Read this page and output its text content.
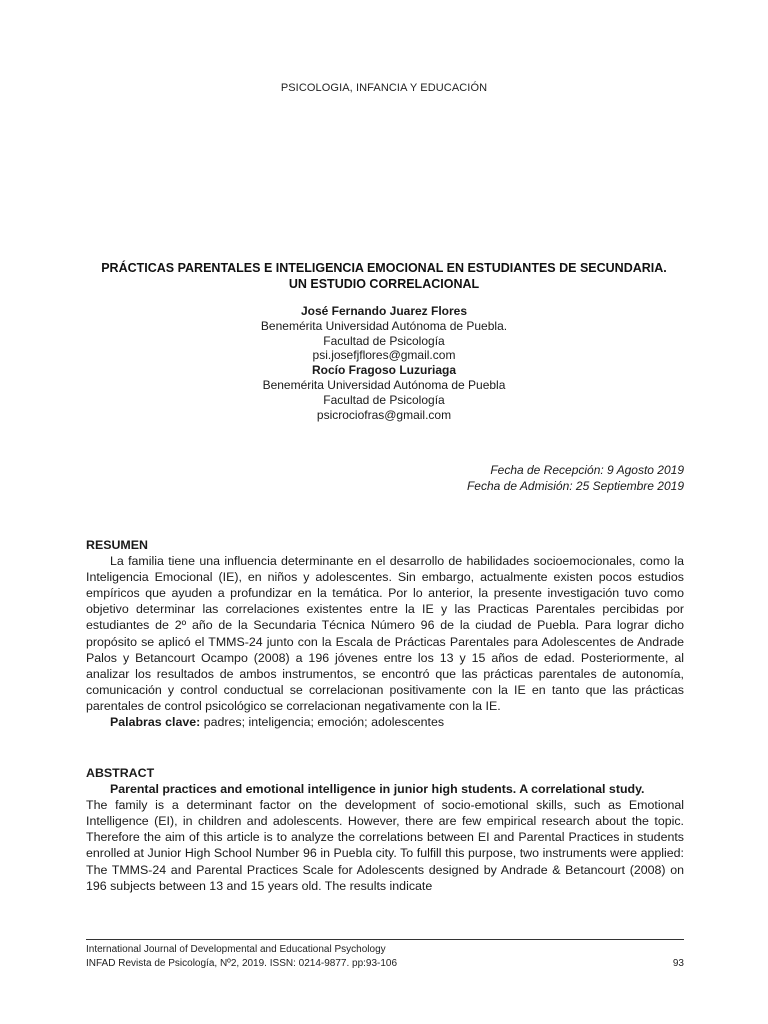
PSICOLOGIA, INFANCIA Y EDUCACIÓN
PRÁCTICAS PARENTALES E INTELIGENCIA EMOCIONAL EN ESTUDIANTES DE SECUNDARIA.
UN ESTUDIO CORRELACIONAL
José Fernando Juarez Flores
Benemérita Universidad Autónoma de Puebla.
Facultad de Psicología
psi.josefjflores@gmail.com
Rocío Fragoso Luzuriaga
Benemérita Universidad Autónoma de Puebla
Facultad de Psicología
psicrociofras@gmail.com
Fecha de Recepción: 9 Agosto 2019
Fecha de Admisión: 25 Septiembre 2019
RESUMEN

La familia tiene una influencia determinante en el desarrollo de habilidades socioemocionales, como la Inteligencia Emocional (IE), en niños y adolescentes. Sin embargo, actualmente existen pocos estudios empíricos que ayuden a profundizar en la temática. Por lo anterior, la presente investigación tuvo como objetivo determinar las correlaciones existentes entre la IE y las Practicas Parentales percibidas por estudiantes de 2º año de la Secundaria Técnica Número 96 de la ciudad de Puebla. Para lograr dicho propósito se aplicó el TMMS-24 junto con la Escala de Prácticas Parentales para Adolescentes de Andrade Palos y Betancourt Ocampo (2008) a 196 jóvenes entre los 13 y 15 años de edad. Posteriormente, al analizar los resultados de ambos instrumentos, se encontró que las prácticas parentales de autonomía, comunicación y control conductual se correlacionan positivamente con la IE en tanto que las prácticas parentales de control psicológico se correlacionan negativamente con la IE.

Palabras clave: padres; inteligencia; emoción; adolescentes

ABSTRACT

Parental practices and emotional intelligence in junior high students. A correlational study.

The family is a determinant factor on the development of socio-emotional skills, such as Emotional Intelligence (EI), in children and adolescents. However, there are few empirical research about the topic. Therefore the aim of this article is to analyze the correlations between EI and Parental Practices in students enrolled at Junior High School Number 96 in Puebla city. To fulfill this purpose, two instruments were applied: The TMMS-24 and Parental Practices Scale for Adolescents designed by Andrade & Betancourt (2008) on 196 subjects between 13 and 15 years old. The results indicate

International Journal of Developmental and Educational Psychology
INFAD Revista de Psicología, Nº2, 2019. ISSN: 0214-9877. pp:93-106	93
